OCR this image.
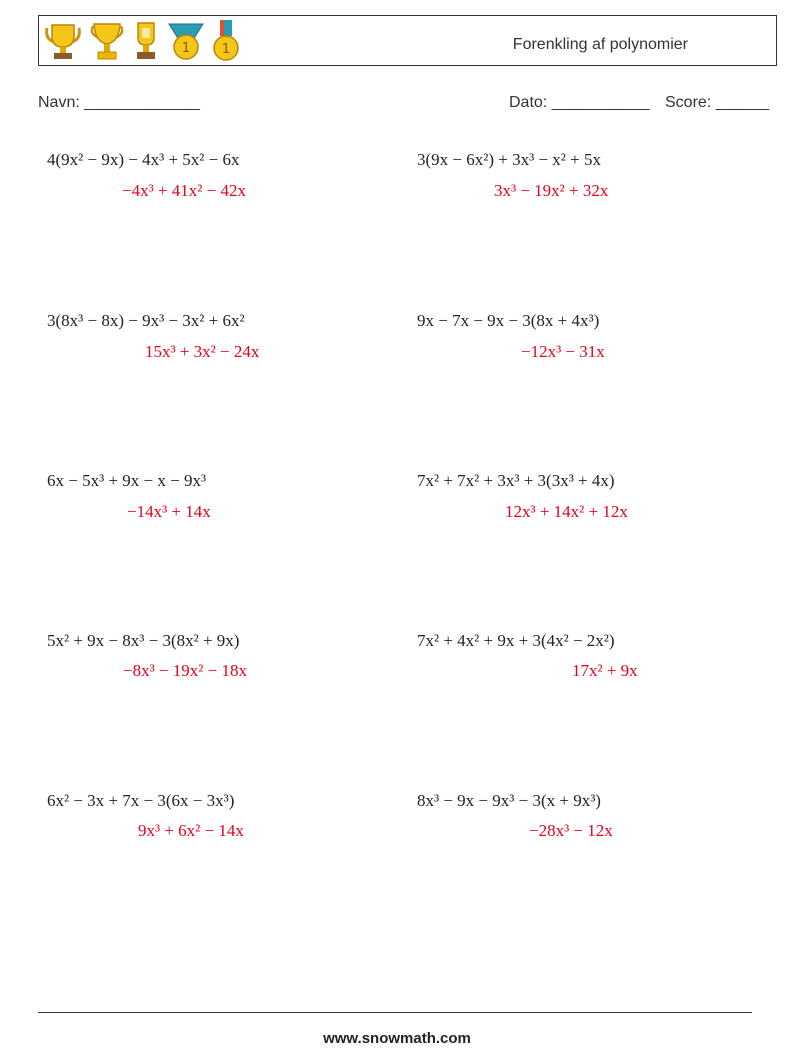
1 1	Forenkling af polynomier
Navn: _____________	Dato: ___________ Score: ______
4(9x² − 9x) − 4x³ + 5x² − 6x
−4x³ + 41x² − 42x
3(9x − 6x²) + 3x³ − x² + 5x
3x³ − 19x² + 32x
3(8x³ − 8x) − 9x³ − 3x² + 6x²
15x³ + 3x² − 24x
9x − 7x − 9x − 3(8x + 4x³)
−12x³ − 31x
6x − 5x³ + 9x − x − 9x³
−14x³ + 14x
7x² + 7x² + 3x³ + 3(3x³ + 4x)
12x³ + 14x² + 12x
5x² + 9x − 8x³ − 3(8x² + 9x)
−8x³ − 19x² − 18x
7x² + 4x² + 9x + 3(4x² − 2x²)
17x² + 9x
6x² − 3x + 7x − 3(6x − 3x³)
9x³ + 6x² − 14x
8x³ − 9x − 9x³ − 3(x + 9x³)
−28x³ − 12x
www.snowmath.com
